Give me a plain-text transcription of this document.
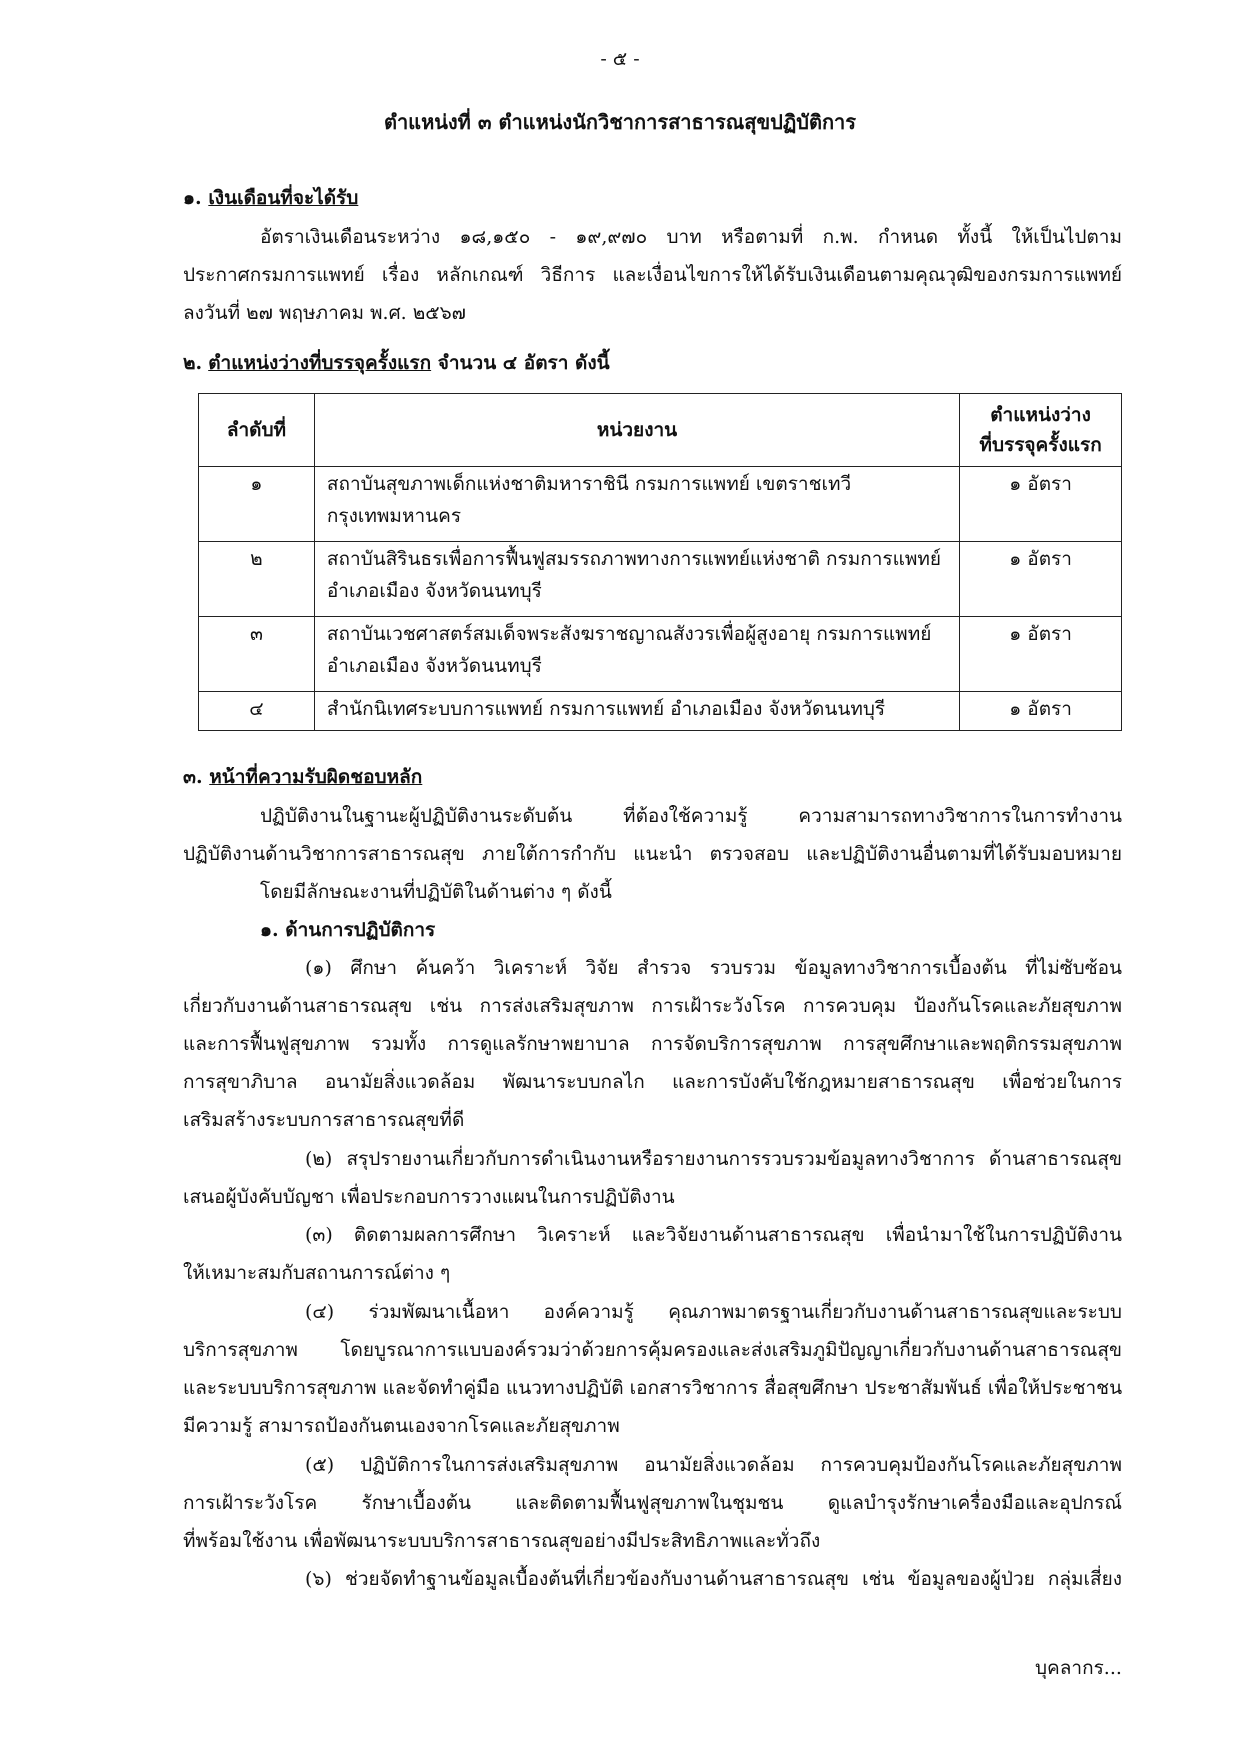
- ๕ -
ตำแหน่งที่ ๓ ตำแหน่งนักวิชาการสาธารณสุขปฏิบัติการ
๑. เงินเดือนที่จะได้รับ
อัตราเงินเดือนระหว่าง ๑๘,๑๕๐ - ๑๙,๙๗๐ บาท หรือตามที่ ก.พ. กำหนด ทั้งนี้ ให้เป็นไปตาม
ประกาศกรมการแพทย์ เรื่อง หลักเกณฑ์ วิธีการ และเงื่อนไขการให้ได้รับเงินเดือนตามคุณวุฒิของกรมการแพทย์
ลงวันที่ ๒๗ พฤษภาคม พ.ศ. ๒๕๖๗
๒. ตำแหน่งว่างที่บรรจุครั้งแรก จำนวน ๔ อัตรา ดังนี้
ลำดับที่	หน่วยงาน	ตำแหน่งว่าง
ที่บรรจุครั้งแรก
๑	สถาบันสุขภาพเด็กแห่งชาติมหาราชินี กรมการแพทย์ เขตราชเทวี
กรุงเทพมหานคร	๑ อัตรา
๒	สถาบันสิรินธรเพื่อการฟื้นฟูสมรรถภาพทางการแพทย์แห่งชาติ กรมการแพทย์
อำเภอเมือง จังหวัดนนทบุรี	๑ อัตรา
๓	สถาบันเวชศาสตร์สมเด็จพระสังฆราชญาณสังวรเพื่อผู้สูงอายุ กรมการแพทย์
อำเภอเมือง จังหวัดนนทบุรี	๑ อัตรา
๔	สำนักนิเทศระบบการแพทย์ กรมการแพทย์ อำเภอเมือง จังหวัดนนทบุรี	๑ อัตรา
๓. หน้าที่ความรับผิดชอบหลัก
ปฏิบัติงานในฐานะผู้ปฏิบัติงานระดับต้น ที่ต้องใช้ความรู้ ความสามารถทางวิชาการในการทำงาน
ปฏิบัติงานด้านวิชาการสาธารณสุข ภายใต้การกำกับ แนะนำ ตรวจสอบ และปฏิบัติงานอื่นตามที่ได้รับมอบหมาย
โดยมีลักษณะงานที่ปฏิบัติในด้านต่าง ๆ ดังนี้
๑. ด้านการปฏิบัติการ
(๑) ศึกษา ค้นคว้า วิเคราะห์ วิจัย สำรวจ รวบรวม ข้อมูลทางวิชาการเบื้องต้น ที่ไม่ซับซ้อน
เกี่ยวกับงานด้านสาธารณสุข เช่น การส่งเสริมสุขภาพ การเฝ้าระวังโรค การควบคุม ป้องกันโรคและภัยสุขภาพ
และการฟื้นฟูสุขภาพ รวมทั้ง การดูแลรักษาพยาบาล การจัดบริการสุขภาพ การสุขศึกษาและพฤติกรรมสุขภาพ
การสุขาภิบาล อนามัยสิ่งแวดล้อม พัฒนาระบบกลไก และการบังคับใช้กฎหมายสาธารณสุข เพื่อช่วยในการ
เสริมสร้างระบบการสาธารณสุขที่ดี
(๒) สรุปรายงานเกี่ยวกับการดำเนินงานหรือรายงานการรวบรวมข้อมูลทางวิชาการ ด้านสาธารณสุข
เสนอผู้บังคับบัญชา เพื่อประกอบการวางแผนในการปฏิบัติงาน
(๓) ติดตามผลการศึกษา วิเคราะห์ และวิจัยงานด้านสาธารณสุข เพื่อนำมาใช้ในการปฏิบัติงาน
ให้เหมาะสมกับสถานการณ์ต่าง ๆ
(๔) ร่วมพัฒนาเนื้อหา องค์ความรู้ คุณภาพมาตรฐานเกี่ยวกับงานด้านสาธารณสุขและระบบ
บริการสุขภาพ โดยบูรณาการแบบองค์รวมว่าด้วยการคุ้มครองและส่งเสริมภูมิปัญญาเกี่ยวกับงานด้านสาธารณสุข
และระบบบริการสุขภาพ และจัดทำคู่มือ แนวทางปฏิบัติ เอกสารวิชาการ สื่อสุขศึกษา ประชาสัมพันธ์ เพื่อให้ประชาชน
มีความรู้ สามารถป้องกันตนเองจากโรคและภัยสุขภาพ
(๕) ปฏิบัติการในการส่งเสริมสุขภาพ อนามัยสิ่งแวดล้อม การควบคุมป้องกันโรคและภัยสุขภาพ
การเฝ้าระวังโรค รักษาเบื้องต้น และติดตามฟื้นฟูสุขภาพในชุมชน ดูแลบำรุงรักษาเครื่องมือและอุปกรณ์
ที่พร้อมใช้งาน เพื่อพัฒนาระบบบริการสาธารณสุขอย่างมีประสิทธิภาพและทั่วถึง
(๖) ช่วยจัดทำฐานข้อมูลเบื้องต้นที่เกี่ยวข้องกับงานด้านสาธารณสุข เช่น ข้อมูลของผู้ป่วย กลุ่มเสี่ยง
บุคลากร...
